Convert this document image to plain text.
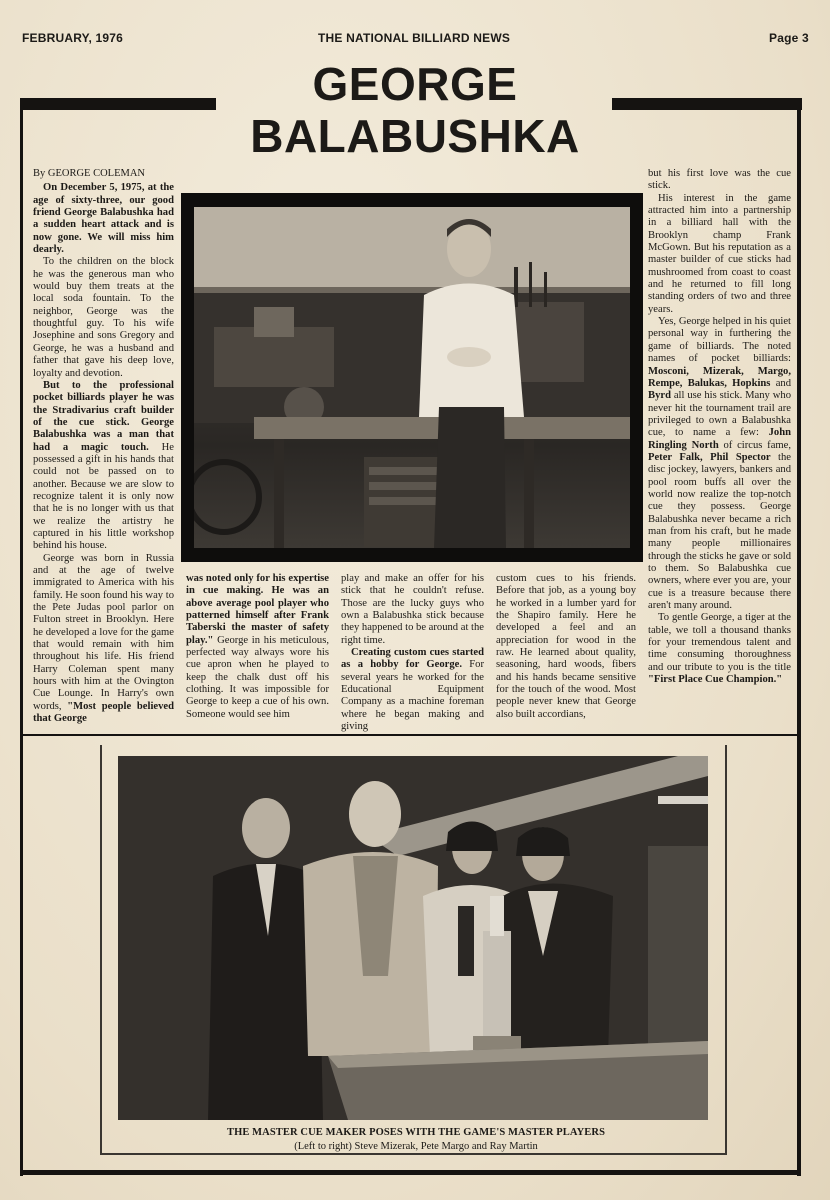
FEBRUARY, 1976	THE NATIONAL BILLIARD NEWS	Page 3
GEORGE BALABUSHKA

By GEORGE COLEMAN

On December 5, 1975, at the age of sixty-three, our good friend George Balabushka had a sudden heart attack and is now gone. We will miss him dearly.

To the children on the block he was the generous man who would buy them treats at the local soda fountain. To the neighbor, George was the thoughtful guy. To his wife Josephine and sons Gregory and George, he was a husband and father that gave his deep love, loyalty and devotion.

But to the professional pocket billiards player he was the Stradivarius craft builder of the cue stick. George Balabushka was a man that had a magic touch. He possessed a gift in his hands that could not be passed on to another. Because we are slow to recognize talent it is only now that he is no longer with us that we realize the artistry he captured in his little workshop behind his house.

George was born in Russia and at the age of twelve immigrated to America with his family. He soon found his way to the Pete Judas pool parlor on Fulton street in Brooklyn. Here he developed a love for the game that would remain with him throughout his life. His friend Harry Coleman spent many hours with him at the Ovington Cue Lounge. In Harry's own words, "Most people believed that George

was noted only for his expertise in cue making. He was an above average pool player who patterned himself after Frank Taberski the master of safety play." George in his meticulous, perfected way always wore his cue apron when he played to keep the chalk dust off his clothing. It was impossible for George to keep a cue of his own. Someone would see him

play and make an offer for his stick that he couldn't refuse. Those are the lucky guys who own a Balabushka stick because they happened to be around at the right time.

Creating custom cues started as a hobby for George. For several years he worked for the Educational Equipment Company as a machine foreman where he began making and giving

custom cues to his friends. Before that job, as a young boy he worked in a lumber yard for the Shapiro family. Here he developed a feel and an appreciation for wood in the raw. He learned about quality, seasoning, hard woods, fibers and his hands became sensitive for the touch of the wood. Most people never knew that George also built accordians,

but his first love was the cue stick.

His interest in the game attracted him into a partnership in a billiard hall with the Brooklyn champ Frank McGown. But his reputation as a master builder of cue sticks had mushroomed from coast to coast and he returned to fill long standing orders of two and three years.

Yes, George helped in his quiet personal way in furthering the game of billiards. The noted names of pocket billiards: Mosconi, Mizerak, Margo, Rempe, Balukas, Hopkins and Byrd all use his stick. Many who never hit the tournament trail are privileged to own a Balabushka cue, to name a few: John Ringling North of circus fame, Peter Falk, Phil Spector the disc jockey, lawyers, bankers and pool room buffs all over the world now realize the top-notch cue they possess. George Balabushka never became a rich man from his craft, but he made many people millionaires through the sticks he gave or sold to them. So Balabushka cue owners, where ever you are, your cue is a treasure because there aren't many around.

To gentle George, a tiger at the table, we toll a thousand thanks for your tremendous talent and time consuming thoroughness and our tribute to you is the title "First Place Cue Champion."

THE MASTER CUE MAKER POSES WITH THE GAME'S MASTER PLAYERS
(Left to right) Steve Mizerak, Pete Margo and Ray Martin
